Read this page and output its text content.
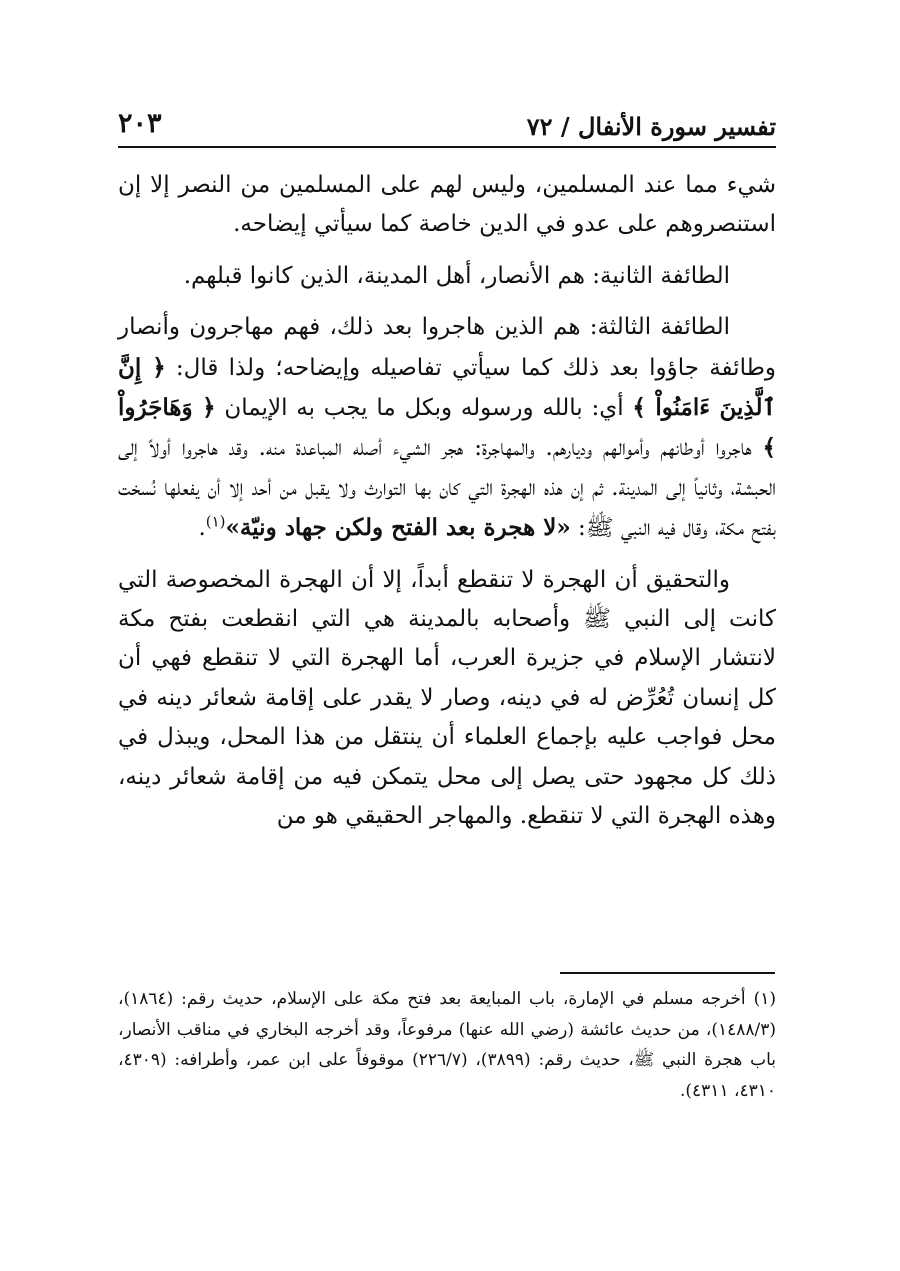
تفسير سورة الأنفال / ٧٢
٢٠٣

شيء مما عند المسلمين، وليس لهم على المسلمين من النصر إلا إن استنصروهم على عدو في الدين خاصة كما سيأتي إيضاحه.

الطائفة الثانية: هم الأنصار، أهل المدينة، الذين كانوا قبلهم.

الطائفة الثالثة: هم الذين هاجروا بعد ذلك، فهم مهاجرون وأنصار وطائفة جاؤوا بعد ذلك كما سيأتي تفاصيله وإيضاحه؛ ولذا قال: ﴿ إِنَّ ٱلَّذِينَ ءَامَنُواْ ﴾ أي: بالله ورسوله وبكل ما يجب به الإيمان ﴿ وَهَاجَرُواْ ﴾ هاجروا أوطانهم وأموالهم وديارهم. والمهاجرة: هجر الشيء أصله المباعدة منه. وقد هاجروا أولاً إلى الحبشة، وثانياً إلى المدينة. ثم إن هذه الهجرة التي كان بها التوارث ولا يقبل من أحد إلا أن يفعلها نُسخت بفتح مكة، وقال فيه النبي ﷺ: «لا هجرة بعد الفتح ولكن جهاد ونيّة»$^{(١)}$.

والتحقيق أن الهجرة لا تنقطع أبداً، إلا أن الهجرة المخصوصة التي كانت إلى النبي ﷺ وأصحابه بالمدينة هي التي انقطعت بفتح مكة لانتشار الإسلام في جزيرة العرب، أما الهجرة التي لا تنقطع فهي أن كل إنسان تُعُرِّض له في دينه، وصار لا يقدر على إقامة شعائر دينه في محل فواجب عليه بإجماع العلماء أن ينتقل من هذا المحل، ويبذل في ذلك كل مجهود حتى يصل إلى محل يتمكن فيه من إقامة شعائر دينه، وهذه الهجرة التي لا تنقطع. والمهاجر الحقيقي هو من

(١)أخرجه مسلم في الإمارة، باب المبايعة بعد فتح مكة على الإسلام، حديث رقم: (١٨٦٤)، (١٤٨٨/٣)، من حديث عائشة (رضي الله عنها) مرفوعاً، وقد أخرجه البخاري في مناقب الأنصار، باب هجرة النبي ﷺ، حديث رقم: (٣٨٩٩)، (٢٢٦/٧) موقوفاً على ابن عمر، وأطرافه: (٤٣٠٩، ٤٣١٠، ٤٣١١).
